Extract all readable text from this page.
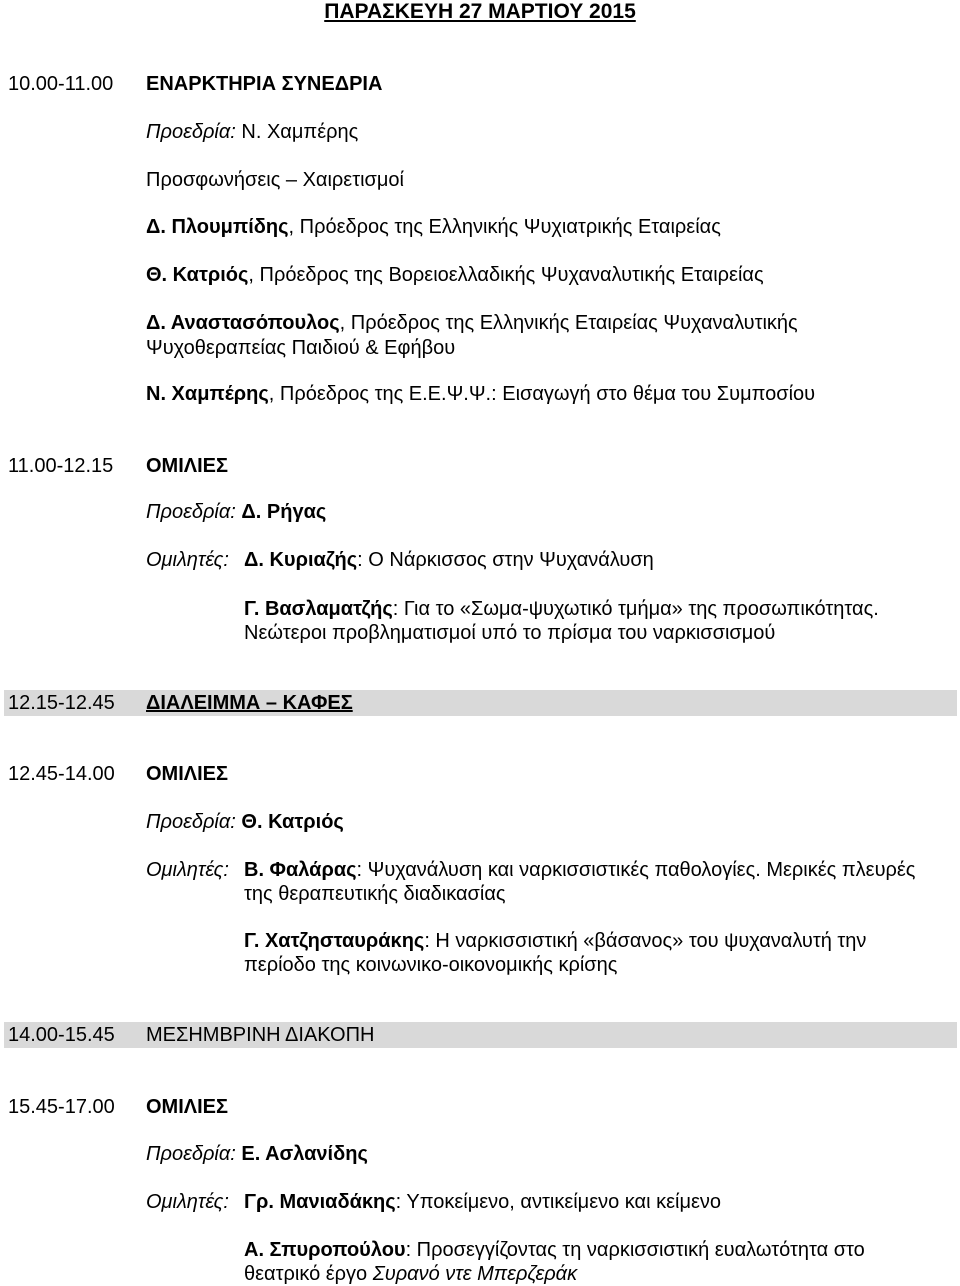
ΠΑΡΑΣΚΕΥΗ 27 ΜΑΡΤΙΟΥ 2015
10.00-11.00 ΕΝΑΡΚΤΗΡΙΑ ΣΥΝΕΔΡΙΑ
Προεδρία: Ν. Χαμπέρης
Προσφωνήσεις – Χαιρετισμοί
Δ. Πλουμπίδης, Πρόεδρος της Ελληνικής Ψυχιατρικής Εταιρείας
Θ. Κατριός, Πρόεδρος της Βορειοελλαδικής Ψυχαναλυτικής Εταιρείας
Δ. Αναστασόπουλος, Πρόεδρος της Ελληνικής Εταιρείας Ψυχαναλυτικής
Ψυχοθεραπείας Παιδιού & Εφήβου
Ν. Χαμπέρης, Πρόεδρος της Ε.Ε.Ψ.Ψ.: Εισαγωγή στο θέμα του Συμποσίου
11.00-12.15 ΟΜΙΛΙΕΣ
Προεδρία: Δ. Ρήγας
Ομιλητές: Δ. Κυριαζής: Ο Νάρκισσος στην Ψυχανάλυση
Γ. Βασλαματζής: Για το «Σωμα-ψυχωτικό τμήμα» της προσωπικότητας.
Νεώτεροι προβληματισμοί υπό το πρίσμα του ναρκισσισμού
12.15-12.45 ΔΙΑΛΕΙΜΜΑ – ΚΑΦΕΣ
12.45-14.00 ΟΜΙΛΙΕΣ
Προεδρία: Θ. Κατριός
Ομιλητές: Β. Φαλάρας: Ψυχανάλυση και ναρκισσιστικές παθολογίες. Μερικές πλευρές
της θεραπευτικής διαδικασίας
Γ. Χατζησταυράκης: Η ναρκισσιστική «βάσανος» του ψυχαναλυτή την
περίοδο της κοινωνικο-οικονομικής κρίσης
14.00-15.45 ΜΕΣΗΜΒΡΙΝΗ ΔΙΑΚΟΠΗ
15.45-17.00 ΟΜΙΛΙΕΣ
Προεδρία: Ε. Ασλανίδης
Ομιλητές: Γρ. Μανιαδάκης: Υποκείμενο, αντικείμενο και κείμενο
Α. Σπυροπούλου: Προσεγγίζοντας τη ναρκισσιστική ευαλωτότητα στο
θεατρικό έργο Συρανό ντε Μπερζεράκ
